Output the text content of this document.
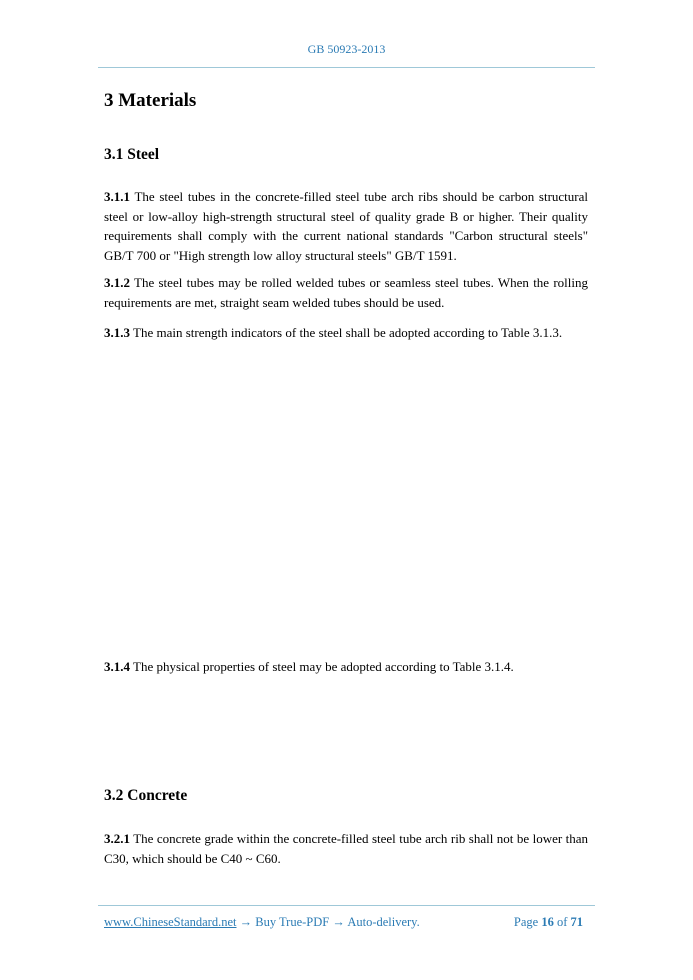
GB 50923-2013
3 Materials
3.1 Steel

3.1.1 The steel tubes in the concrete-filled steel tube arch ribs should be carbon structural steel or low-alloy high-strength structural steel of quality grade B or higher. Their quality requirements shall comply with the current national standards "Carbon structural steels" GB/T 700 or "High strength low alloy structural steels" GB/T 1591.

3.1.2 The steel tubes may be rolled welded tubes or seamless steel tubes. When the rolling requirements are met, straight seam welded tubes should be used.

3.1.3 The main strength indicators of the steel shall be adopted according to Table 3.1.3.

3.1.4 The physical properties of steel may be adopted according to Table 3.1.4.

3.2 Concrete

3.2.1 The concrete grade within the concrete-filled steel tube arch rib shall not be lower than C30, which should be C40 ~ C60.

www.ChineseStandard.net → Buy True-PDF → Auto-delivery.	Page 16 of 71
